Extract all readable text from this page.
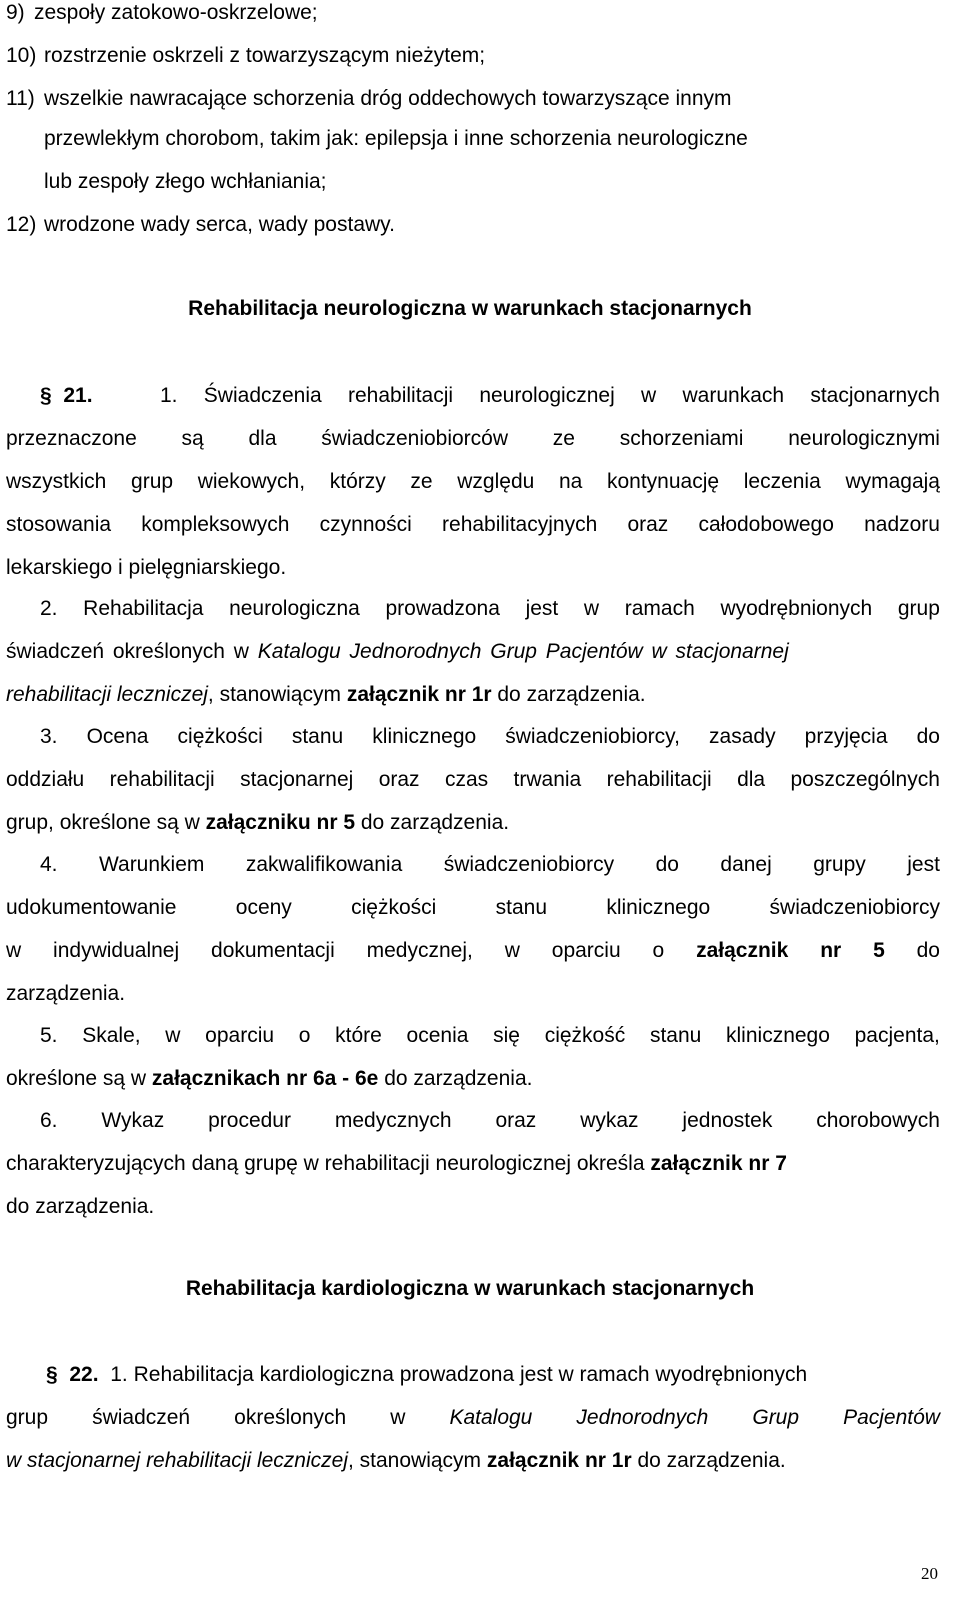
9) zespoły zatokowo-oskrzelowe;
10) rozstrzenie oskrzeli z towarzyszącym nieżytem;
11) wszelkie nawracające schorzenia dróg oddechowych towarzyszące innym
przewlekłym chorobom, takim jak: epilepsja i inne schorzenia neurologiczne
lub zespoły złego wchłaniania;
12) wrodzone wady serca, wady postawy.
Rehabilitacja neurologiczna w warunkach stacjonarnych
§ 21.	1. Świadczenia rehabilitacji neurologicznej w warunkach stacjonarnych
przeznaczone są dla świadczeniobiorców ze schorzeniami neurologicznymi
wszystkich grup wiekowych, którzy ze względu na kontynuację leczenia wymagają
stosowania kompleksowych czynności rehabilitacyjnych oraz całodobowego nadzoru
lekarskiego i pielęgniarskiego.
2. Rehabilitacja neurologiczna prowadzona jest w ramach wyodrębnionych grup
świadczeń określonych w Katalogu Jednorodnych Grup Pacjentów w stacjonarnej
rehabilitacji leczniczej, stanowiącym załącznik nr 1r do zarządzenia.
3. Ocena ciężkości stanu klinicznego świadczeniobiorcy, zasady przyjęcia do
oddziału rehabilitacji stacjonarnej oraz czas trwania rehabilitacji dla poszczególnych
grup, określone są w załączniku nr 5 do zarządzenia.
4. Warunkiem zakwalifikowania świadczeniobiorcy do danej grupy jest
udokumentowanie	oceny	ciężkości	stanu	klinicznego	świadczeniobiorcy
w indywidualnej dokumentacji medycznej, w oparciu o załącznik nr 5 do
zarządzenia.
5. Skale, w oparciu o które ocenia się ciężkość stanu klinicznego pacjenta,
określone są w załącznikach nr 6a - 6e do zarządzenia.
6. Wykaz procedur medycznych oraz wykaz jednostek chorobowych
charakteryzujących daną grupę w rehabilitacji neurologicznej określa załącznik nr 7
do zarządzenia.
Rehabilitacja kardiologiczna w warunkach stacjonarnych
§ 22. 1. Rehabilitacja kardiologiczna prowadzona jest w ramach wyodrębnionych
grup świadczeń określonych w Katalogu Jednorodnych Grup Pacjentów
w stacjonarnej rehabilitacji leczniczej, stanowiącym załącznik nr 1r do zarządzenia.
20
